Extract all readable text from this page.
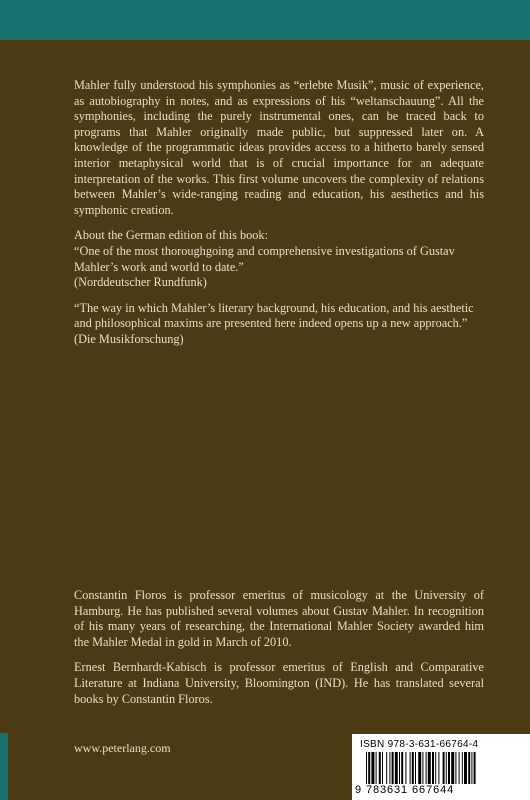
Mahler fully understood his symphonies as “erlebte Musik”, music of experience, as autobiography in notes, and as expressions of his “weltanschauung”. All the symphonies, including the purely instrumental ones, can be traced back to programs that Mahler originally made public, but suppressed later on. A knowledge of the programmatic ideas provides access to a hitherto barely sensed interior metaphysical world that is of crucial importance for an adequate interpretation of the works. This first volume uncovers the complexity of relations between Mahler’s wide-ranging reading and education, his aesthetics and his symphonic creation.

About the German edition of this book:

“One of the most thoroughgoing and comprehensive investigations of Gustav Mahler’s work and world to date.”

(Norddeutscher Rundfunk)

“The way in which Mahler’s literary background, his education, and his aesthetic and philosophical maxims are presented here indeed opens up a new approach.”

(Die Musikforschung)

Constantin Floros is professor emeritus of musicology at the University of Hamburg. He has published several volumes about Gustav Mahler. In recognition of his many years of researching, the International Mahler Society awarded him the Mahler Medal in gold in March of 2010.

Ernest Bernhardt-Kabisch is professor emeritus of English and Comparative Literature at Indiana University, Bloomington (IND). He has translated several books by Constantin Floros.

www.peterlang.com	ISBN 978-3-631-66764-4
9 783631 667644
